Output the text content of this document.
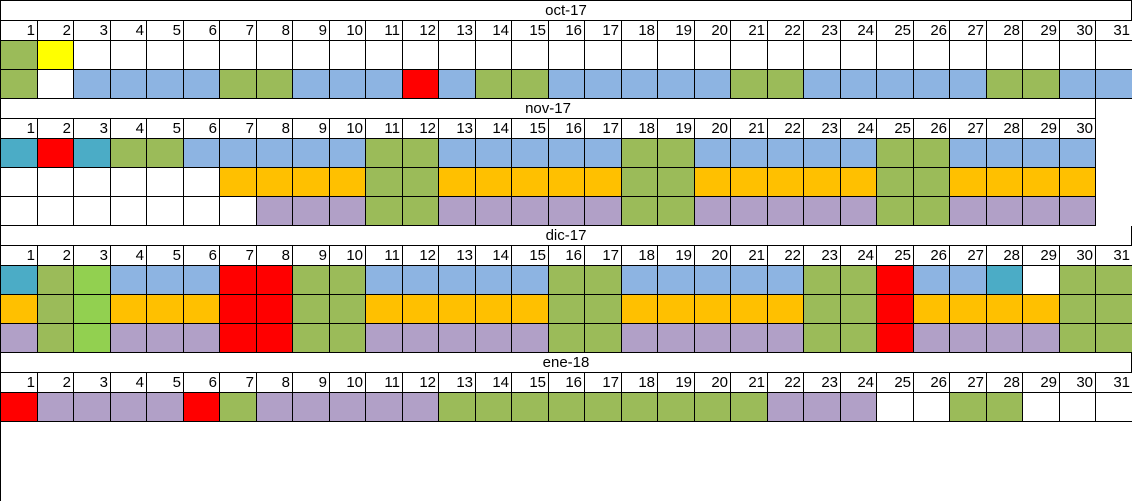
oct-17
1	2	3	4	5	6	7	8	9	10	11	12	13	14	15	16	17	18	19	20	21	22	23	24	25	26	27	28	29	30	31
nov-17
1	2	3	4	5	6	7	8	9	10	11	12	13	14	15	16	17	18	19	20	21	22	23	24	25	26	27	28	29	30
dic-17
1	2	3	4	5	6	7	8	9	10	11	12	13	14	15	16	17	18	19	20	21	22	23	24	25	26	27	28	29	30	31
ene-18
1	2	3	4	5	6	7	8	9	10	11	12	13	14	15	16	17	18	19	20	21	22	23	24	25	26	27	28	29	30	31
